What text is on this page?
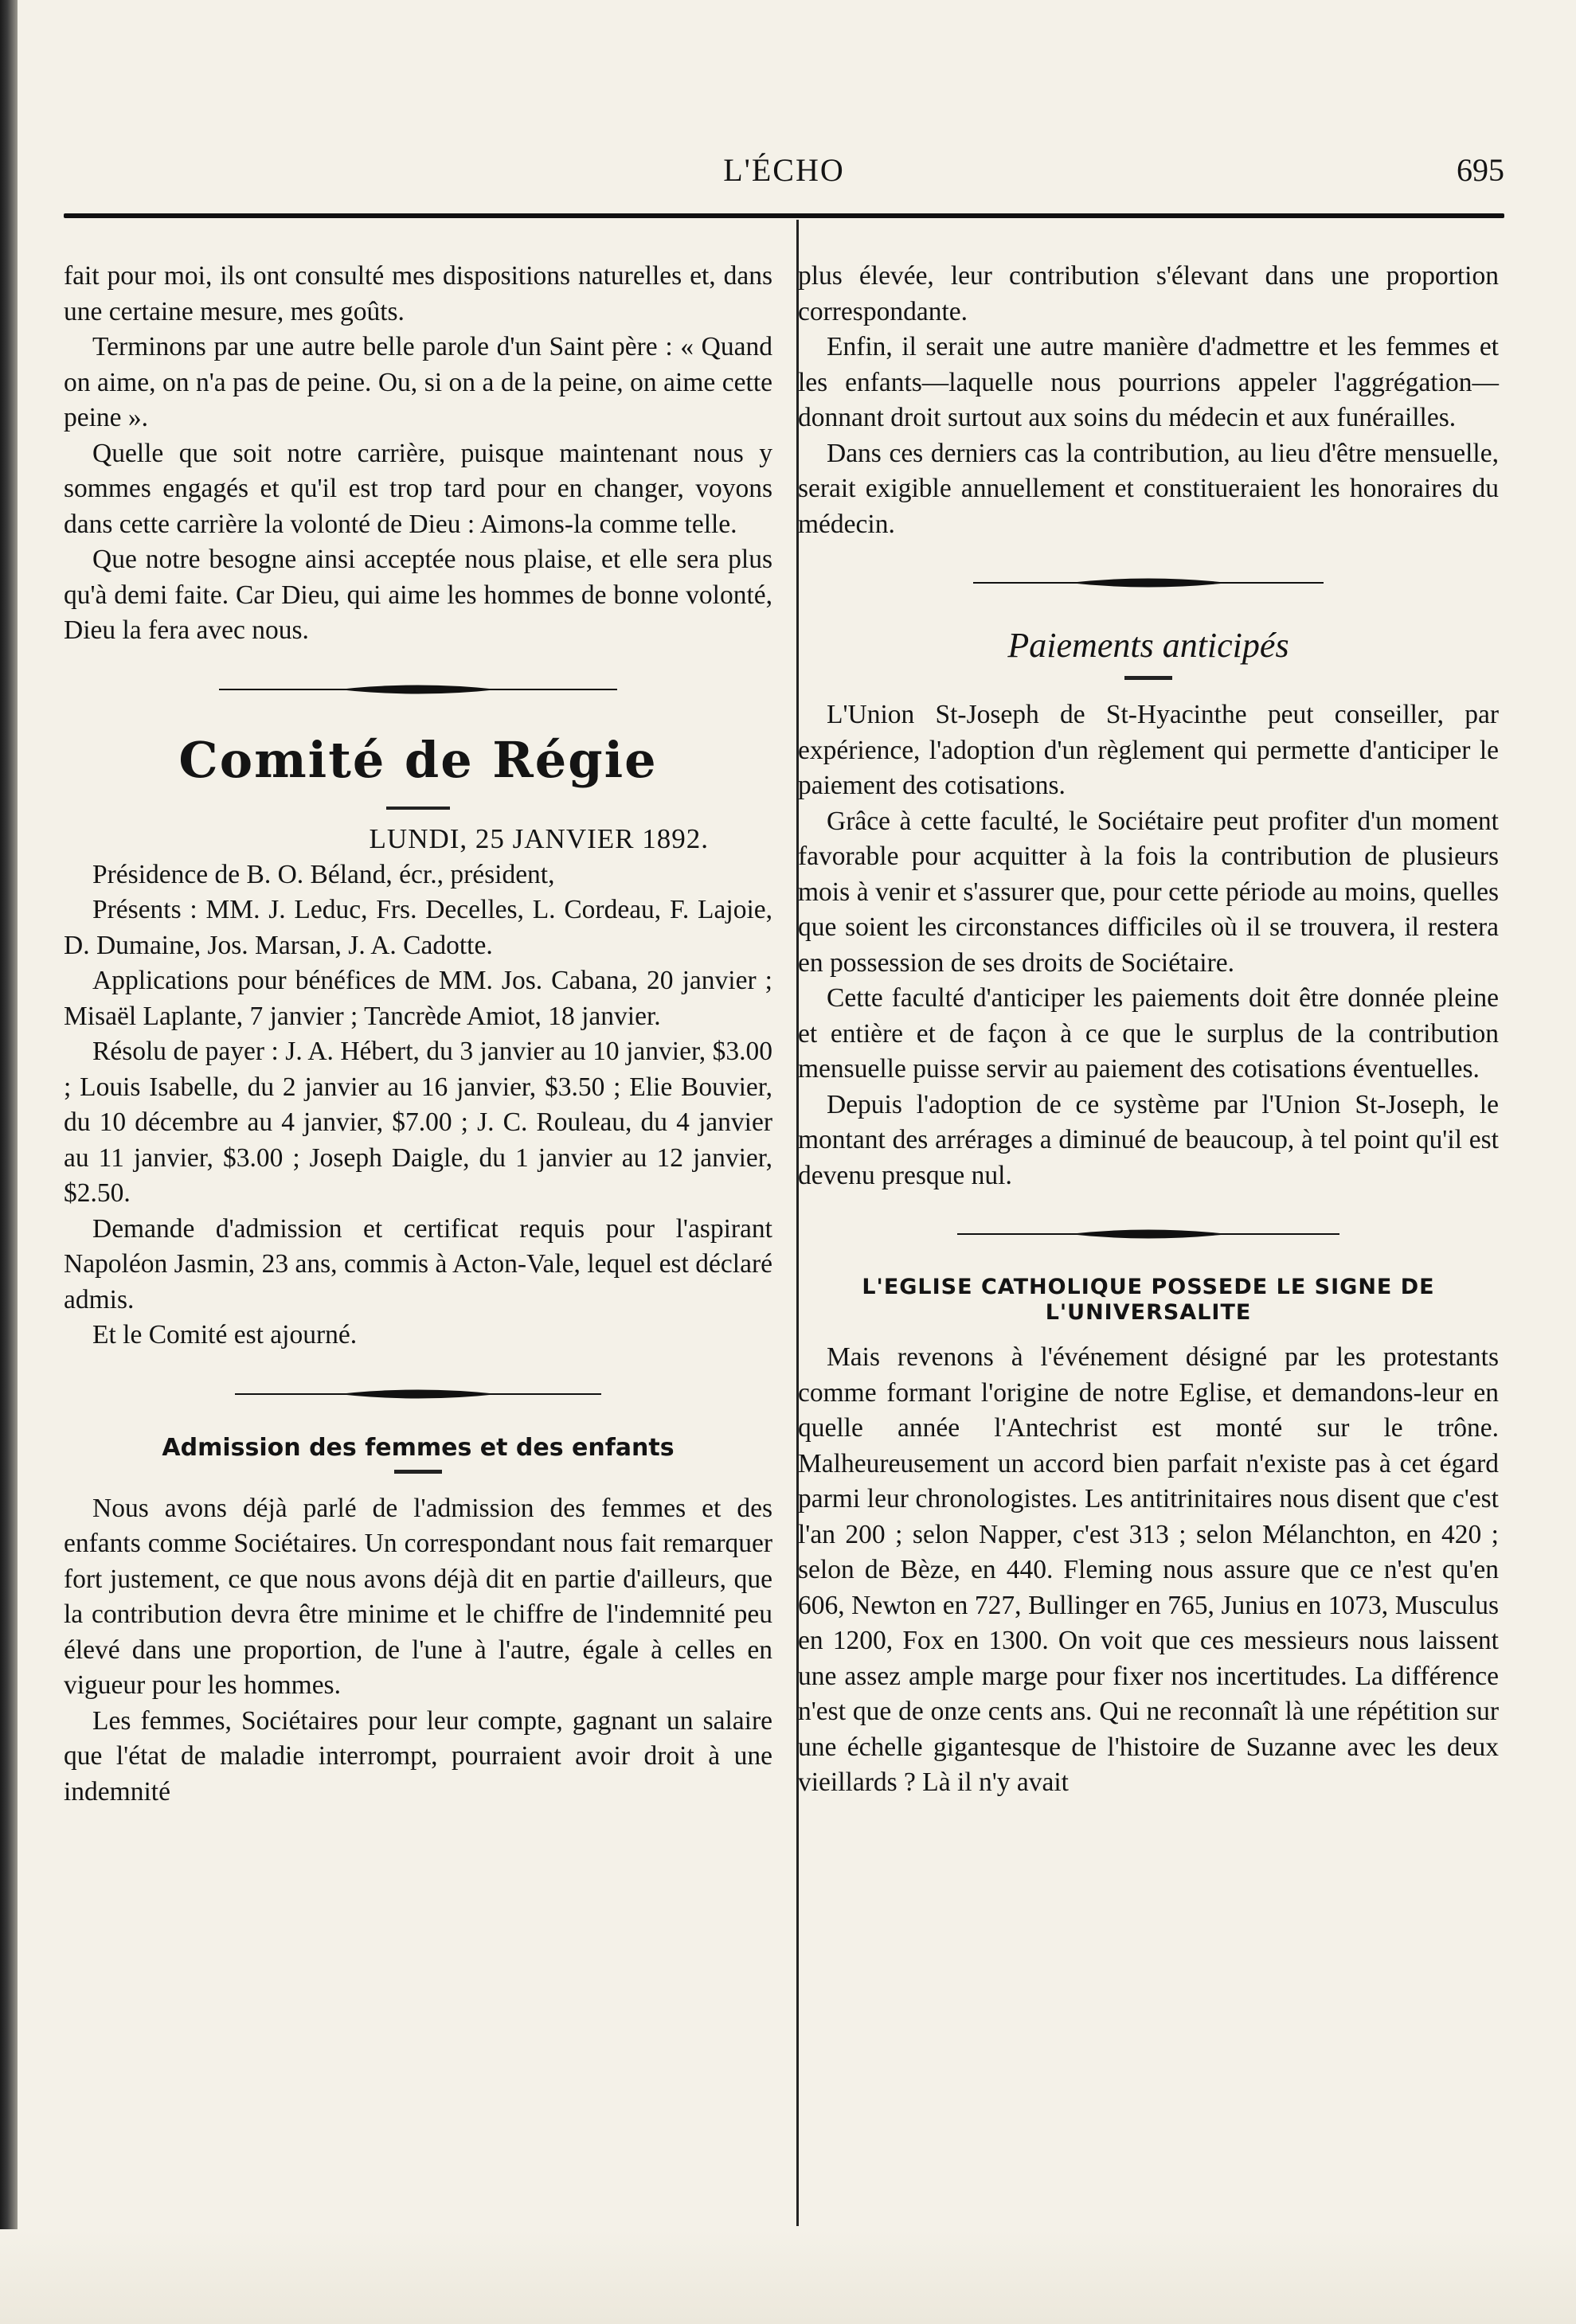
L'ÉCHO	695

fait pour moi, ils ont consulté mes dispositions naturelles et, dans une certaine mesure, mes goûts.

Terminons par une autre belle parole d'un Saint père : « Quand on aime, on n'a pas de peine. Ou, si on a de la peine, on aime cette peine ».

Quelle que soit notre carrière, puisque maintenant nous y sommes engagés et qu'il est trop tard pour en changer, voyons dans cette carrière la volonté de Dieu : Aimons-la comme telle.

Que notre besogne ainsi acceptée nous plaise, et elle sera plus qu'à demi faite. Car Dieu, qui aime les hommes de bonne volonté, Dieu la fera avec nous.

Comité de Régie
LUNDI, 25 JANVIER 1892.

Présidence de B. O. Béland, écr., président,

Présents : MM. J. Leduc, Frs. Decelles, L. Cordeau, F. Lajoie, D. Dumaine, Jos. Marsan, J. A. Cadotte.

Applications pour bénéfices de MM. Jos. Cabana, 20 janvier ; Misaël Laplante, 7 janvier ; Tancrède Amiot, 18 janvier.

Résolu de payer : J. A. Hébert, du 3 janvier au 10 janvier, $3.00 ; Louis Isabelle, du 2 janvier au 16 janvier, $3.50 ; Elie Bouvier, du 10 décembre au 4 janvier, $7.00 ; J. C. Rouleau, du 4 janvier au 11 janvier, $3.00 ; Joseph Daigle, du 1 janvier au 12 janvier, $2.50.

Demande d'admission et certificat requis pour l'aspirant Napoléon Jasmin, 23 ans, commis à Acton-Vale, lequel est déclaré admis.

Et le Comité est ajourné.

Admission des femmes et des enfants

Nous avons déjà parlé de l'admission des femmes et des enfants comme Sociétaires. Un correspondant nous fait remarquer fort justement, ce que nous avons déjà dit en partie d'ailleurs, que la contribution devra être minime et le chiffre de l'indemnité peu élevé dans une proportion, de l'une à l'autre, égale à celles en vigueur pour les hommes.

Les femmes, Sociétaires pour leur compte, gagnant un salaire que l'état de maladie interrompt, pourraient avoir droit à une indemnité

plus élevée, leur contribution s'élevant dans une proportion correspondante.

Enfin, il serait une autre manière d'admettre et les femmes et les enfants—laquelle nous pourrions appeler l'aggrégation—donnant droit surtout aux soins du médecin et aux funérailles.

Dans ces derniers cas la contribution, au lieu d'être mensuelle, serait exigible annuellement et constitueraient les honoraires du médecin.

Paiements anticipés

L'Union St-Joseph de St-Hyacinthe peut conseiller, par expérience, l'adoption d'un règlement qui permette d'anticiper le paiement des cotisations.

Grâce à cette faculté, le Sociétaire peut profiter d'un moment favorable pour acquitter à la fois la contribution de plusieurs mois à venir et s'assurer que, pour cette période au moins, quelles que soient les circonstances difficiles où il se trouvera, il restera en possession de ses droits de Sociétaire.

Cette faculté d'anticiper les paiements doit être donnée pleine et entière et de façon à ce que le surplus de la contribution mensuelle puisse servir au paiement des cotisations éventuelles.

Depuis l'adoption de ce système par l'Union St-Joseph, le montant des arrérages a diminué de beaucoup, à tel point qu'il est devenu presque nul.

L'EGLISE CATHOLIQUE POSSEDE LE SIGNE DE L'UNIVERSALITE

Mais revenons à l'événement désigné par les protestants comme formant l'origine de notre Eglise, et demandons-leur en quelle année l'Antechrist est monté sur le trône. Malheureusement un accord bien parfait n'existe pas à cet égard parmi leur chronologistes. Les antitrinitaires nous disent que c'est l'an 200 ; selon Napper, c'est 313 ; selon Mélanchton, en 420 ; selon de Bèze, en 440. Fleming nous assure que ce n'est qu'en 606, Newton en 727, Bullinger en 765, Junius en 1073, Musculus en 1200, Fox en 1300. On voit que ces messieurs nous laissent une assez ample marge pour fixer nos incertitudes. La différence n'est que de onze cents ans. Qui ne reconnaît là une répétition sur une échelle gigantesque de l'histoire de Suzanne avec les deux vieillards ? Là il n'y avait
